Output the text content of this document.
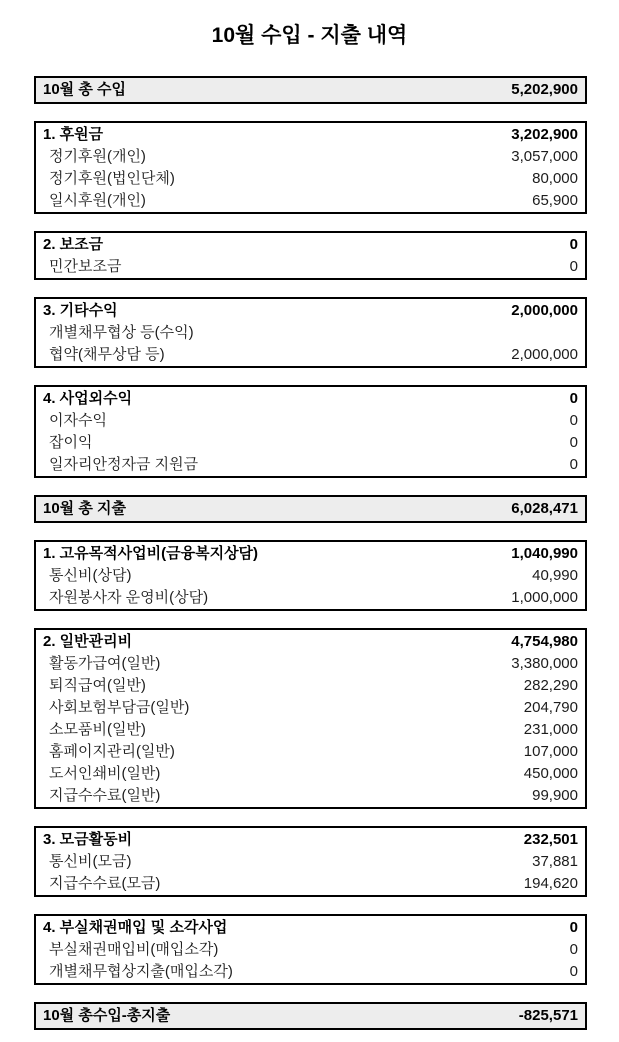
10월 수입 - 지출 내역
10월 총 수입	5,202,900
1. 후원금	3,202,900
정기후원(개인)	3,057,000
정기후원(법인단체)	80,000
일시후원(개인)	65,900
2. 보조금	0
민간보조금	0
3. 기타수익	2,000,000
개별채무협상 등(수익)
협약(채무상담 등)	2,000,000
4. 사업외수익	0
이자수익	0
잡이익	0
일자리안정자금 지원금	0
10월 총 지출	6,028,471
1. 고유목적사업비(금융복지상담)	1,040,990
통신비(상담)	40,990
자원봉사자 운영비(상담)	1,000,000
2. 일반관리비	4,754,980
활동가급여(일반)	3,380,000
퇴직급여(일반)	282,290
사회보험부담금(일반)	204,790
소모품비(일반)	231,000
홈페이지관리(일반)	107,000
도서인쇄비(일반)	450,000
지급수수료(일반)	99,900
3. 모금활동비	232,501
통신비(모금)	37,881
지급수수료(모금)	194,620
4. 부실채권매입 및 소각사업	0
부실채권매입비(매입소각)	0
개별채무협상지출(매입소각)	0
10월 총수입-총지출	-825,571
